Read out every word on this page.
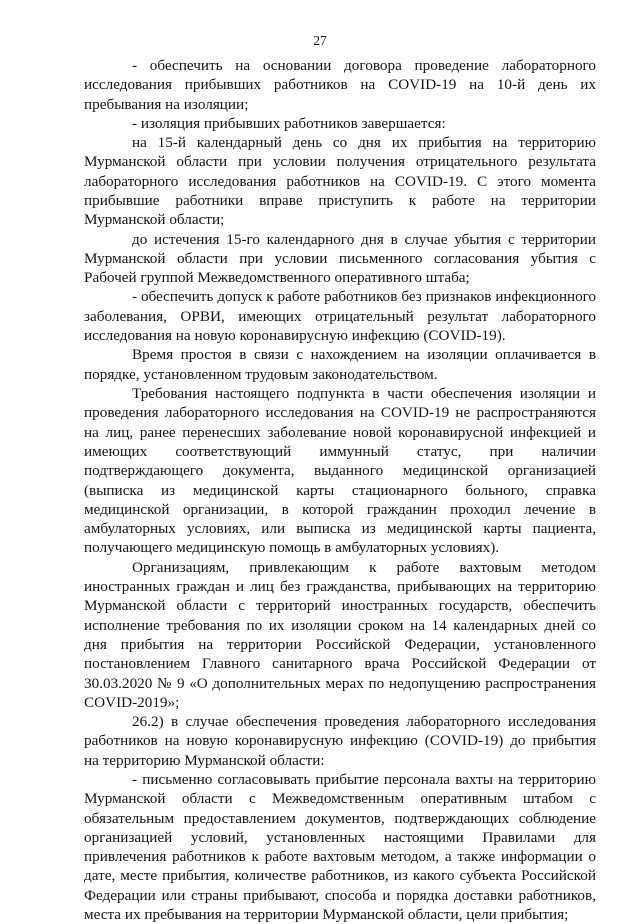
27
- обеспечить на основании договора проведение лабораторного
исследования прибывших работников на COVID-19 на 10-й день их
пребывания на изоляции;
- изоляция прибывших работников завершается:
на 15-й календарный день со дня их прибытия на территорию
Мурманской области при условии получения отрицательного результата
лабораторного исследования работников на COVID-19. С этого момента
прибывшие работники вправе приступить к работе на территории
Мурманской области;
до истечения 15-го календарного дня в случае убытия с территории
Мурманской области при условии письменного согласования убытия с
Рабочей группой Межведомственного оперативного штаба;
- обеспечить допуск к работе работников без признаков инфекционного
заболевания, ОРВИ, имеющих отрицательный результат лабораторного
исследования на новую коронавирусную инфекцию (COVID-19).
Время простоя в связи с нахождением на изоляции оплачивается в
порядке, установленном трудовым законодательством.
Требования настоящего подпункта в части обеспечения изоляции и
проведения лабораторного исследования на COVID-19 не распространяются
на лиц, ранее перенесших заболевание новой коронавирусной инфекцией и
имеющих соответствующий иммунный статус, при наличии
подтверждающего документа, выданного медицинской организацией
(выписка из медицинской карты стационарного больного, справка
медицинской организации, в которой гражданин проходил лечение в
амбулаторных условиях, или выписка из медицинской карты пациента,
получающего медицинскую помощь в амбулаторных условиях).
Организациям, привлекающим к работе вахтовым методом
иностранных граждан и лиц без гражданства, прибывающих на территорию
Мурманской области с территорий иностранных государств, обеспечить
исполнение требования по их изоляции сроком на 14 календарных дней со
дня прибытия на территории Российской Федерации, установленного
постановлением Главного санитарного врача Российской Федерации от
30.03.2020 № 9 «О дополнительных мерах по недопущению распространения
COVID-2019»;
26.2) в случае обеспечения проведения лабораторного исследования
работников на новую коронавирусную инфекцию (COVID-19) до прибытия
на территорию Мурманской области:
- письменно согласовывать прибытие персонала вахты на территорию
Мурманской области с Межведомственным оперативным штабом с
обязательным предоставлением документов, подтверждающих соблюдение
организацией условий, установленных настоящими Правилами для
привлечения работников к работе вахтовым методом, а также информации о
дате, месте прибытия, количестве работников, из какого субъекта Российской
Федерации или страны прибывают, способа и порядка доставки работников,
места их пребывания на территории Мурманской области, цели прибытия;
